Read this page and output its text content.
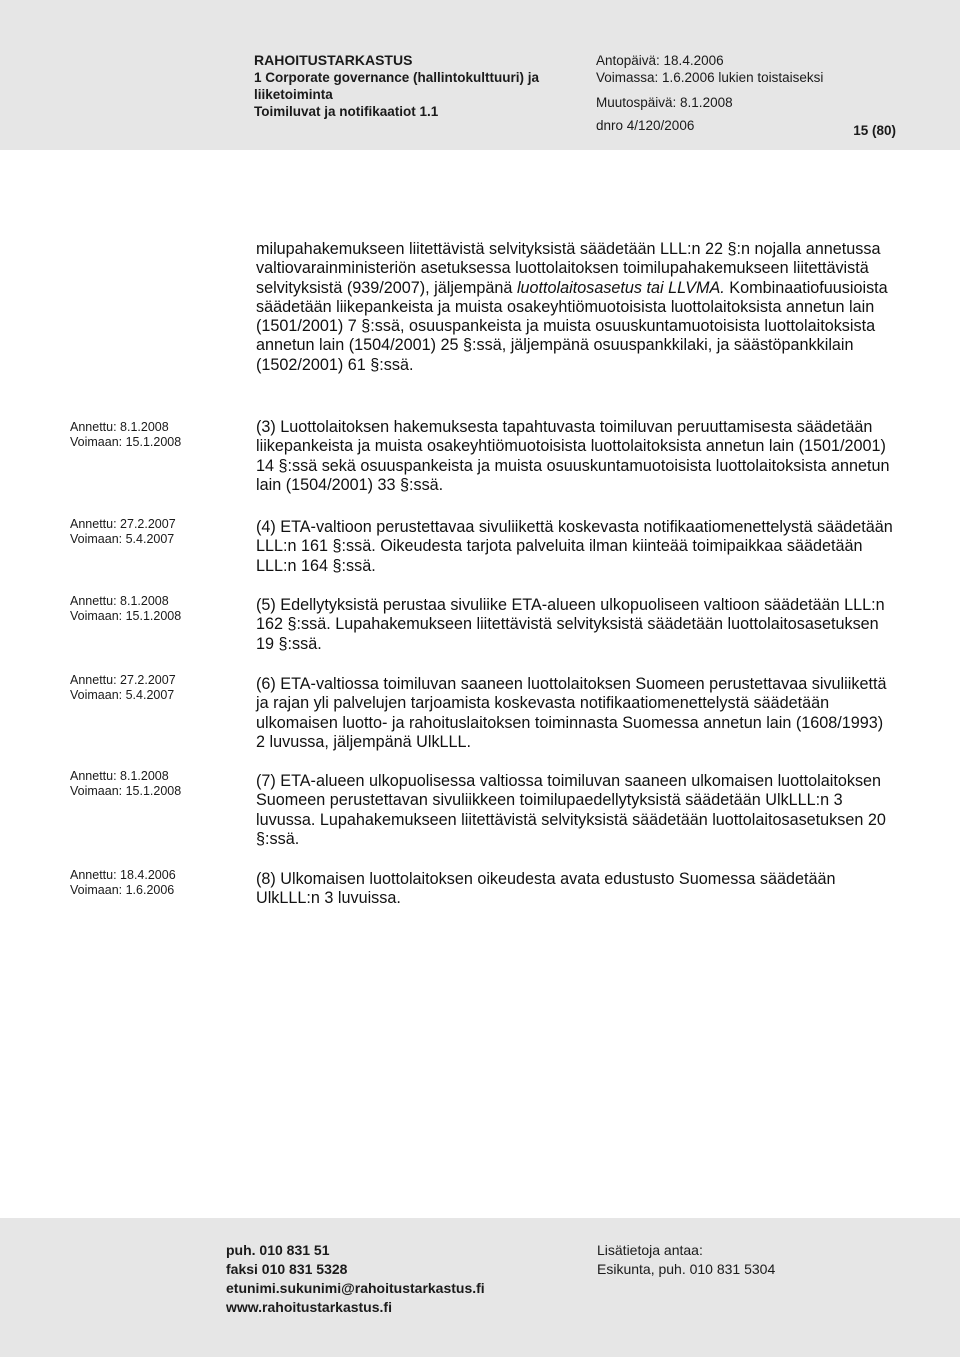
RAHOITUSTARKASTUS
1 Corporate governance (hallintokulttuuri) ja
liiketoiminta
Toimiluvat ja notifikaatiot 1.1
Antopäivä: 18.4.2006
Voimassa: 1.6.2006 lukien toistaiseksi
Muutospäivä: 8.1.2008
dnro 4/120/2006	15 (80)
Annettu: 8.1.2008
Voimaan: 15.1.2008
Annettu: 27.2.2007
Voimaan: 5.4.2007
Annettu: 8.1.2008
Voimaan: 15.1.2008
Annettu: 27.2.2007
Voimaan: 5.4.2007
Annettu: 8.1.2008
Voimaan: 15.1.2008
Annettu: 18.4.2006
Voimaan: 1.6.2006

milupahakemukseen liitettävistä selvityksistä säädetään LLL:n 22 §:n nojalla annetussa valtiovarainministeriön asetuksessa luottolaitoksen toimilupahakemukseen liitettävistä selvityksistä (939/2007), jäljempänä luottolaitosasetus tai LLVMA. Kombinaatiofuusioista säädetään liikepankeista ja muista osakeyhtiömuotoisista luottolaitoksista annetun lain (1501/2001) 7 §:ssä, osuuspankeista ja muista osuuskuntamuotoisista luottolaitoksista annetun lain (1504/2001) 25 §:ssä, jäljempänä osuuspankkilaki, ja säästöpankkilain (1502/2001) 61 §:ssä.

(3) Luottolaitoksen hakemuksesta tapahtuvasta toimiluvan peruuttamisesta säädetään liikepankeista ja muista osakeyhtiömuotoisista luottolaitoksista annetun lain (1501/2001) 14 §:ssä sekä osuuspankeista ja muista osuuskuntamuotoisista luottolaitoksista annetun lain (1504/2001) 33 §:ssä.

(4) ETA-valtioon perustettavaa sivuliikettä koskevasta notifikaatiomenettelystä säädetään LLL:n 161 §:ssä. Oikeudesta tarjota palveluita ilman kiinteää toimipaikkaa säädetään LLL:n 164 §:ssä.

(5) Edellytyksistä perustaa sivuliike ETA-alueen ulkopuoliseen valtioon säädetään LLL:n 162 §:ssä. Lupahakemukseen liitettävistä selvityksistä säädetään luottolaitosasetuksen 19 §:ssä.

(6) ETA-valtiossa toimiluvan saaneen luottolaitoksen Suomeen perustettavaa sivuliikettä ja rajan yli palvelujen tarjoamista koskevasta notifikaatiomenettelystä säädetään ulkomaisen luotto- ja rahoituslaitoksen toiminnasta Suomessa annetun lain (1608/1993) 2 luvussa, jäljempänä UlkLLL.

(7) ETA-alueen ulkopuolisessa valtiossa toimiluvan saaneen ulkomaisen luottolaitoksen Suomeen perustettavan sivuliikkeen toimilupaedellytyksistä säädetään UlkLLL:n 3 luvussa. Lupahakemukseen liitettävistä selvityksistä säädetään luottolaitosasetuksen 20 §:ssä.

(8) Ulkomaisen luottolaitoksen oikeudesta avata edustusto Suomessa säädetään UlkLLL:n 3 luvuissa.

puh. 010 831 51
faksi 010 831 5328
etunimi.sukunimi@rahoitustarkastus.fi
www.rahoitustarkastus.fi
Lisätietoja antaa:
Esikunta, puh. 010 831 5304
